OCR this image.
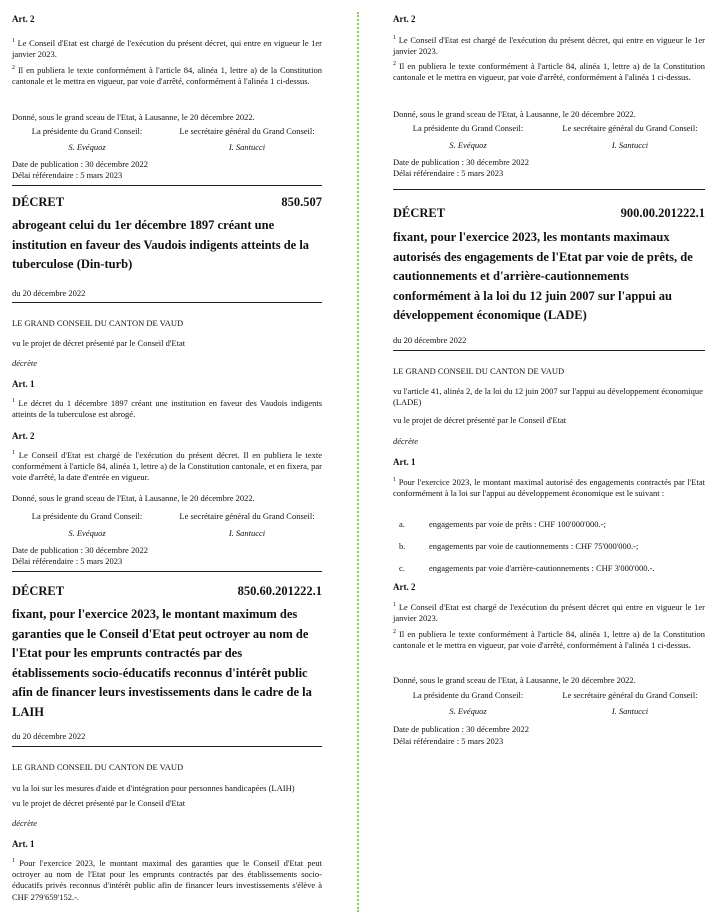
Art. 2

$^1$ Le Conseil d'Etat est chargé de l'exécution du présent décret, qui entre en vigueur le 1er janvier 2023.

$^2$ Il en publiera le texte conformément à l'article 84, alinéa 1, lettre a) de la Constitution cantonale et le mettra en vigueur, par voie d'arrêté, conformément à l'alinéa 1 ci-dessus.

Donné, sous le grand sceau de l'Etat, à Lausanne, le 20 décembre 2022.

La présidente du Grand Conseil:	Le secrétaire général du Grand Conseil:
S. Evéquoz	I. Santucci

Date de publication : 30 décembre 2022

Délai référendaire : 5 mars 2023

DÉCRET	850.507

abrogeant celui du 1er décembre 1897 créant une institution en faveur des Vaudois indigents atteints de la tuberculose (Din-turb)

du 20 décembre 2022

LE GRAND CONSEIL DU CANTON DE VAUD

vu le projet de décret présenté par le Conseil d'Etat

décrète

Art. 1

$^1$ Le décret du 1 décembre 1897 créant une institution en faveur des Vaudois indigents atteints de la tuberculose est abrogé.

Art. 2

$^1$ Le Conseil d'Etat est chargé de l'exécution du présent décret. Il en publiera le texte conformément à l'article 84, alinéa 1, lettre a) de la Constitution cantonale, et en fixera, par voie d'arrêté, la date d'entrée en vigueur.

Donné, sous le grand sceau de l'Etat, à Lausanne, le 20 décembre 2022.

La présidente du Grand Conseil:	Le secrétaire général du Grand Conseil:
S. Evéquoz	I. Santucci

Date de publication : 30 décembre 2022

Délai référendaire : 5 mars 2023

DÉCRET	850.60.201222.1

fixant, pour l'exercice 2023, le montant maximum des garanties que le Conseil d'Etat peut octroyer au nom de l'Etat pour les emprunts contractés par des établissements socio-éducatifs reconnus d'intérêt public afin de financer leurs investissements dans le cadre de la LAIH

du 20 décembre 2022

LE GRAND CONSEIL DU CANTON DE VAUD

vu la loi sur les mesures d'aide et d'intégration pour personnes handicapées (LAIH)

vu le projet de décret présenté par le Conseil d'Etat

décrète

Art. 1

$^1$ Pour l'exercice 2023, le montant maximal des garanties que le Conseil d'Etat peut octroyer au nom de l'Etat pour les emprunts contractés par des établissements socio-éducatifs privés reconnus d'intérêt public afin de financer leurs investissements s'élève à CHF 279'659'152.-.

Art. 2

$^1$ Le Conseil d'Etat est chargé de l'exécution du présent décret, qui entre en vigueur le 1er janvier 2023.

$^2$ Il en publiera le texte conformément à l'article 84, alinéa 1, lettre a) de la Constitution cantonale et le mettra en vigueur, par voie d'arrêté, conformément à l'alinéa 1 ci-dessus.

Donné, sous le grand sceau de l'Etat, à Lausanne, le 20 décembre 2022.

La présidente du Grand Conseil:	Le secrétaire général du Grand Conseil:
S. Evéquoz	I. Santucci

Date de publication : 30 décembre 2022

Délai référendaire : 5 mars 2023

DÉCRET	900.00.201222.1

fixant, pour l'exercice 2023, les montants maximaux autorisés des engagements de l'Etat par voie de prêts, de cautionnements et d'arrière-cautionnements conformément à la loi du 12 juin 2007 sur l'appui au développement économique (LADE)

du 20 décembre 2022

LE GRAND CONSEIL DU CANTON DE VAUD

vu l'article 41, alinéa 2, de la loi du 12 juin 2007 sur l'appui au développement économique (LADE)

vu le projet de décret présenté par le Conseil d'Etat

décrète

Art. 1

$^1$ Pour l'exercice 2023, le montant maximal autorisé des engagements contractés par l'Etat conformément à la loi sur l'appui au développement économique est le suivant :

a.	engagements par voie de prêts : CHF 100'000'000.-;
b.	engagements par voie de cautionnements : CHF 75'000'000.-;
c.	engagements par voie d'arrière-cautionnements : CHF 3'000'000.-.

Art. 2

$^1$ Le Conseil d'Etat est chargé de l'exécution du présent décret qui entre en vigueur le 1er janvier 2023.

$^2$ Il en publiera le texte conformément à l'article 84, alinéa 1, lettre a) de la Constitution cantonale et le mettra en vigueur, par voie d'arrêté, conformément à l'alinéa 1 ci-dessus.

Donné, sous le grand sceau de l'Etat, à Lausanne, le 20 décembre 2022.

La présidente du Grand Conseil:	Le secrétaire général du Grand Conseil:
S. Evéquoz	I. Santucci

Date de publication : 30 décembre 2022

Délai référendaire : 5 mars 2023
